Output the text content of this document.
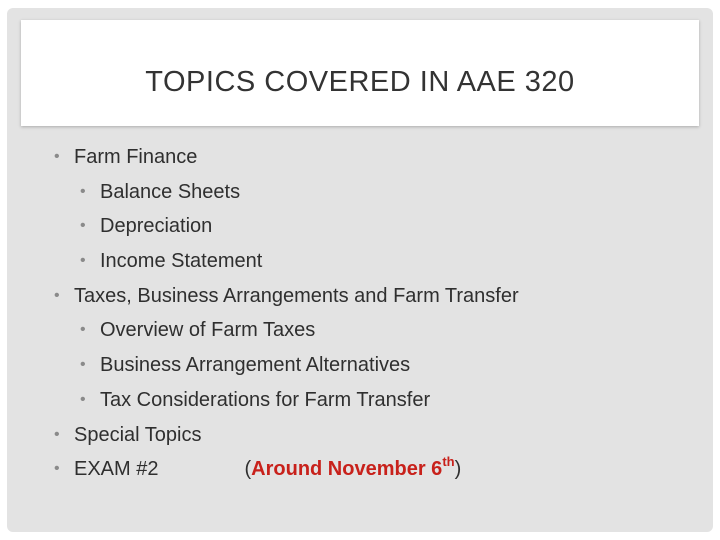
TOPICS COVERED IN AAE 320
• Farm Finance
• Balance Sheets
• Depreciation
• Income Statement
• Taxes, Business Arrangements and Farm Transfer
• Overview of Farm Taxes
• Business Arrangement Alternatives
• Tax Considerations for Farm Transfer
• Special Topics
• EXAM #2	( Around November 6th )
